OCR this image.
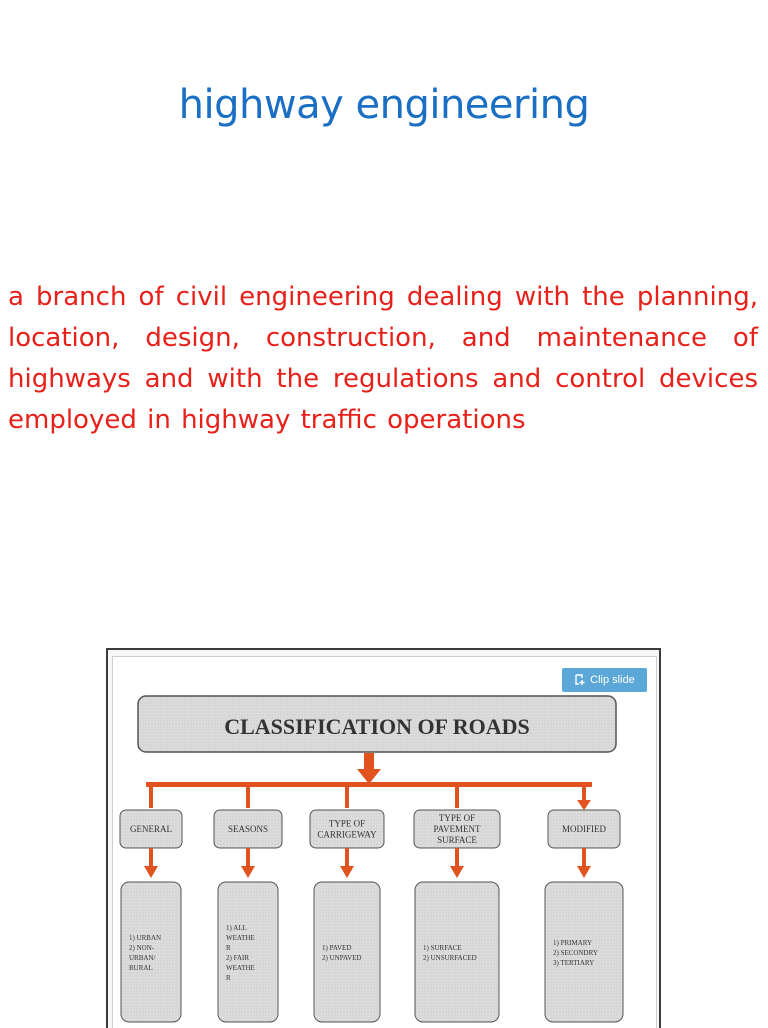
highway engineering
a branch of civil engineering dealing with the planning, location, design, construction, and maintenance of highways and with the regulations and control devices employed in highway traffic operations
CLASSIFICATION OF ROADS
GENERAL
1) URBAN
2) NON-
URBAN/
RURAL
SEASONS
1) ALL
WEATHE
R
2) FAIR
WEATHE
R
TYPE OF
CARRIGEWAY
1) PAVED
2) UNPAVED
TYPE OF
PAVEMENT
SURFACE
1) SURFACE
2) UNSURFACED
MODIFIED
1) PRIMARY
2) SECONDRY
3) TERTIARY
Clip slide
